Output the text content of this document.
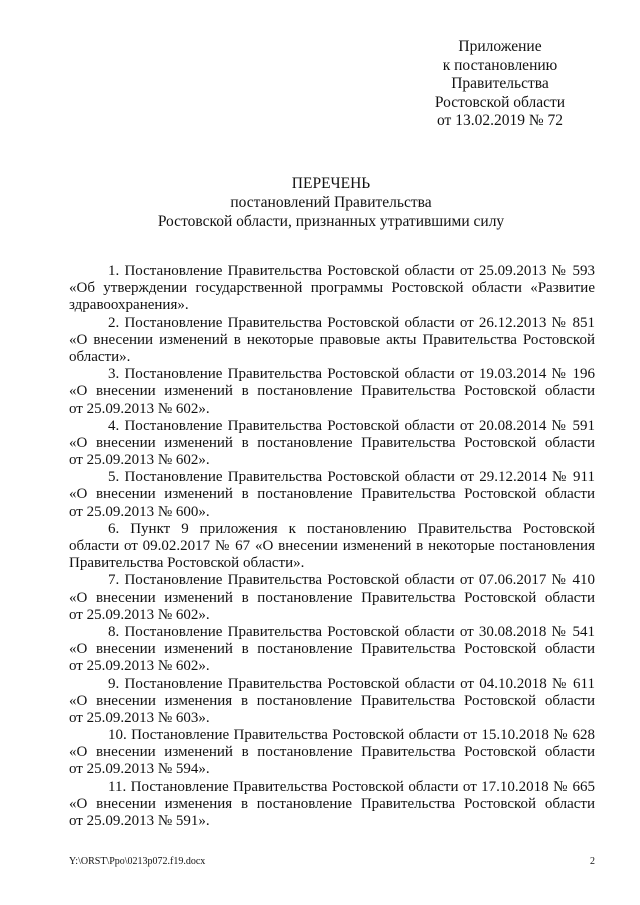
Приложение
к постановлению
Правительства
Ростовской области
от 13.02.2019 № 72
ПЕРЕЧЕНЬ
постановлений Правительства
Ростовской области, признанных утратившими силу
1. Постановление Правительства Ростовской области от 25.09.2013 № 593
«Об утверждении государственной программы Ростовской области «Развитие
здравоохранения».
2. Постановление Правительства Ростовской области от 26.12.2013 № 851
«О внесении изменений в некоторые правовые акты Правительства Ростовской
области».
3. Постановление Правительства Ростовской области от 19.03.2014 № 196
«О внесении изменений в постановление Правительства Ростовской области
от 25.09.2013 № 602».
4. Постановление Правительства Ростовской области от 20.08.2014 № 591
«О внесении изменений в постановление Правительства Ростовской области
от 25.09.2013 № 602».
5. Постановление Правительства Ростовской области от 29.12.2014 № 911
«О внесении изменений в постановление Правительства Ростовской области
от 25.09.2013 № 600».
6. Пункт 9 приложения к постановлению Правительства Ростовской
области от 09.02.2017 № 67 «О внесении изменений в некоторые постановления
Правительства Ростовской области».
7. Постановление Правительства Ростовской области от 07.06.2017 № 410
«О внесении изменений в постановление Правительства Ростовской области
от 25.09.2013 № 602».
8. Постановление Правительства Ростовской области от 30.08.2018 № 541
«О внесении изменений в постановление Правительства Ростовской области
от 25.09.2013 № 602».
9. Постановление Правительства Ростовской области от 04.10.2018 № 611
«О внесении изменения в постановление Правительства Ростовской области
от 25.09.2013 № 603».
10. Постановление Правительства Ростовской области от 15.10.2018 № 628
«О внесении изменений в постановление Правительства Ростовской области
от 25.09.2013 № 594».
11. Постановление Правительства Ростовской области от 17.10.2018 № 665
«О внесении изменения в постановление Правительства Ростовской области
от 25.09.2013 № 591».
Y:\ORST\Ppo\0213p072.f19.docx	2
